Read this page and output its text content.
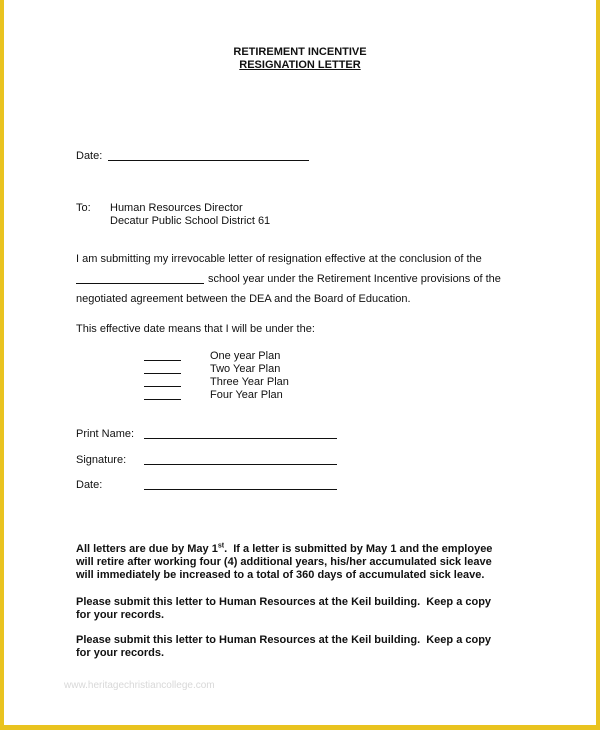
RETIREMENT INCENTIVE
RESIGNATION LETTER
Date:
To: Human Resources Director
Decatur Public School District 61
I am submitting my irrevocable letter of resignation effective at the conclusion of the
school year under the Retirement Incentive provisions of the
negotiated agreement between the DEA and the Board of Education.
This effective date means that I will be under the:
One year Plan
Two Year Plan
Three Year Plan
Four Year Plan
Print Name:
Signature:
Date:
All letters are due by May 1st.  If a letter is submitted by May 1 and the employee
will retire after working four (4) additional years, his/her accumulated sick leave
will immediately be increased to a total of 360 days of accumulated sick leave.
Please submit this letter to Human Resources at the Keil building.  Keep a copy
for your records.
Please submit this letter to Human Resources at the Keil building.  Keep a copy
for your records.
www.heritagechristiancollege.com
